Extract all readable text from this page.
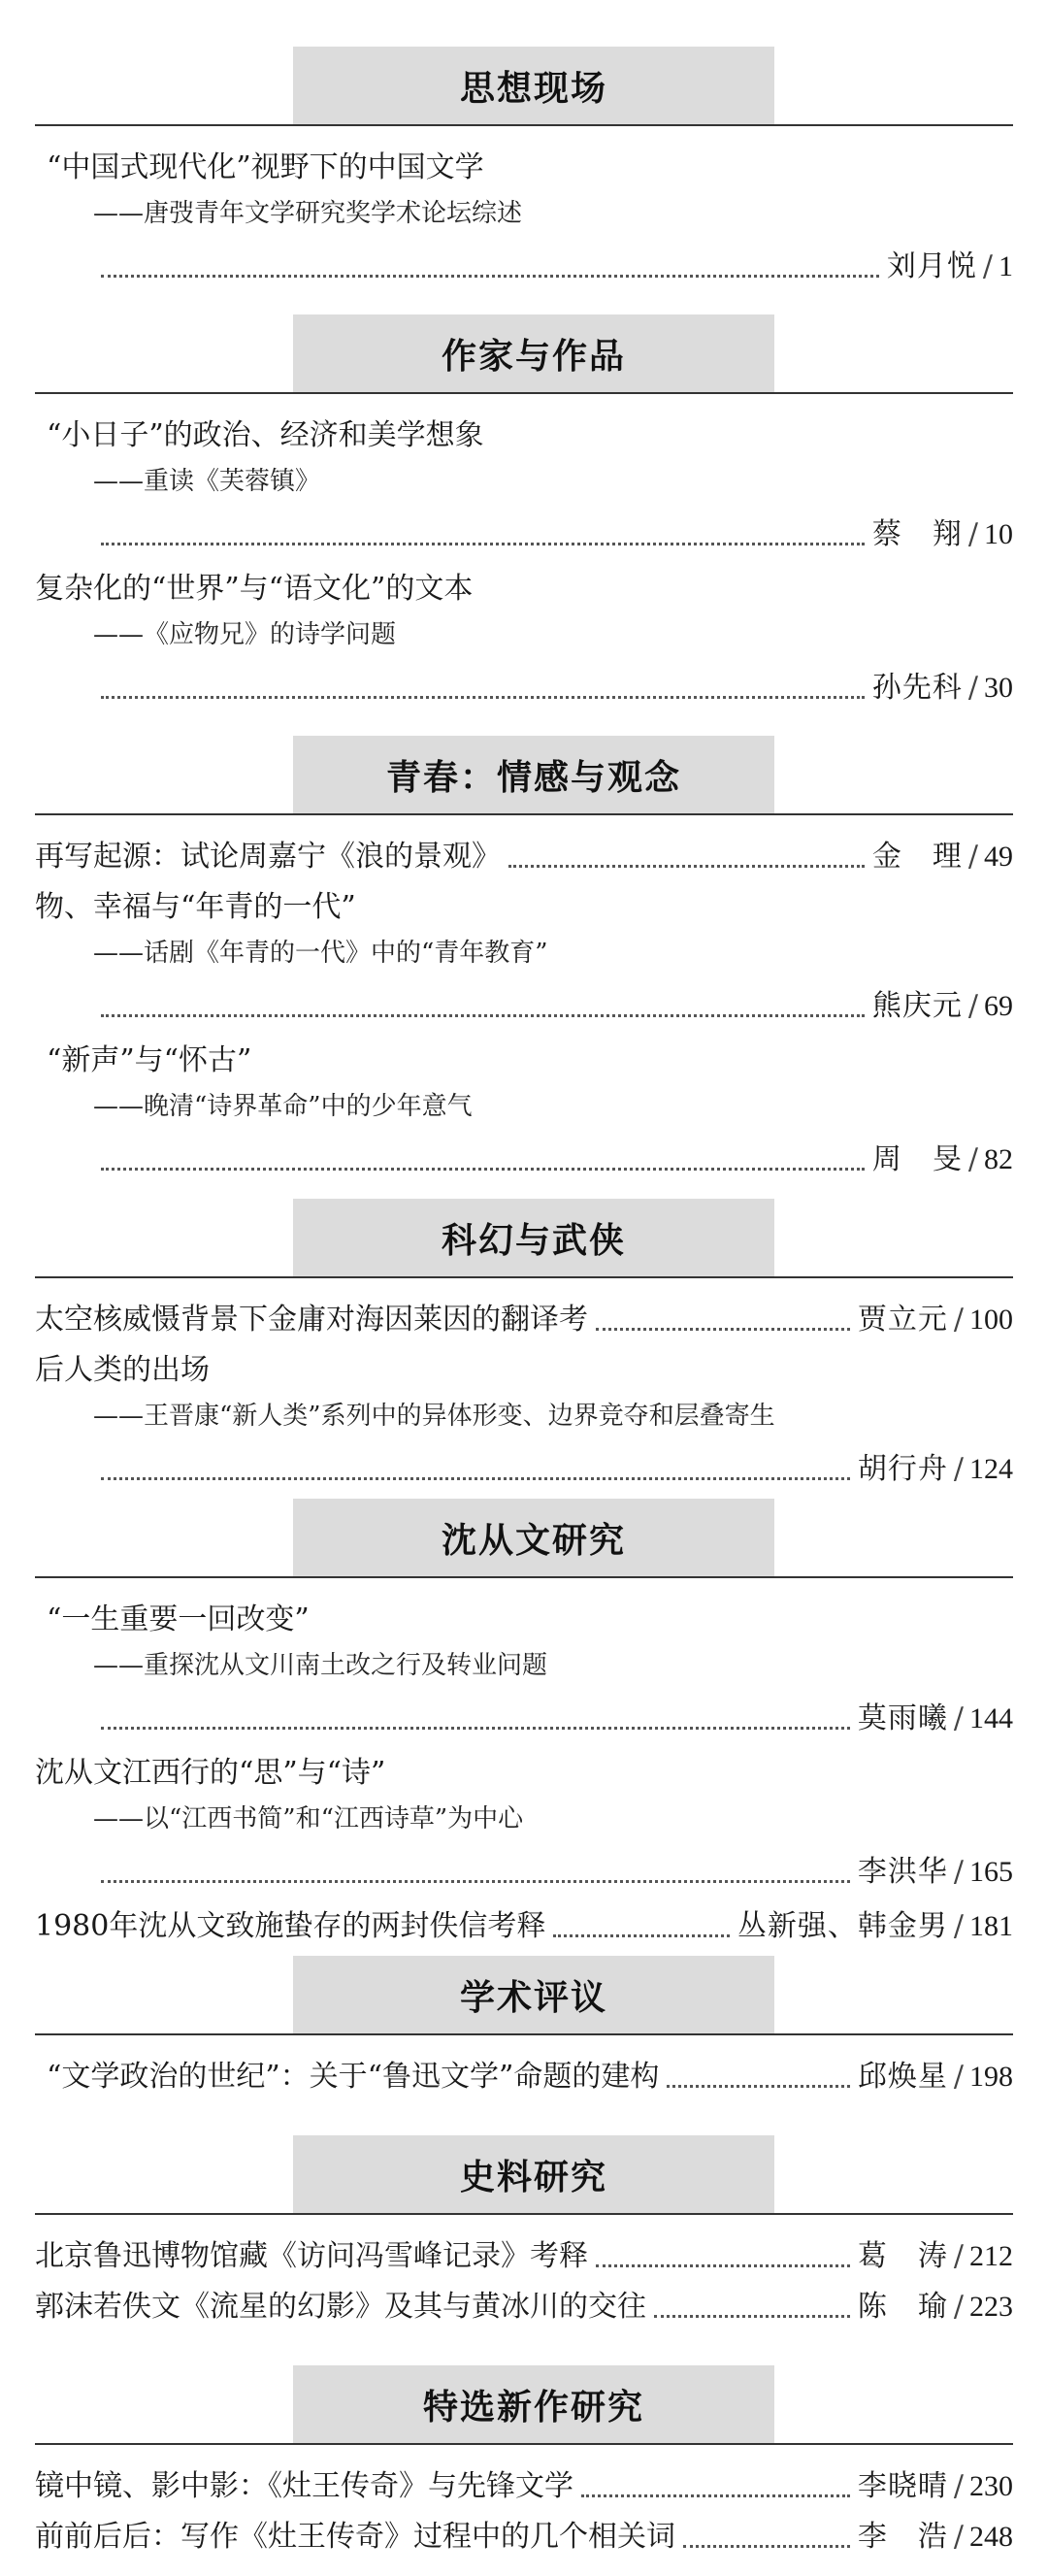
思想现场
“中国式现代化”视野下的中国文学
——唐弢青年文学研究奖学术论坛综述
刘月悦 / 1
作家与作品
“小日子”的政治、经济和美学想象
——重读《芙蓉镇》
蔡　翔 / 10
复杂化的“世界”与“语文化”的文本
——《应物兄》的诗学问题
孙先科 / 30
青春：情感与观念
再写起源：试论周嘉宁《浪的景观》	金　理 / 49
物、幸福与“年青的一代”
——话剧《年青的一代》中的“青年教育”
熊庆元 / 69
“新声”与“怀古”
——晚清“诗界革命”中的少年意气
周　旻 / 82
科幻与武侠
太空核威慑背景下金庸对海因莱因的翻译考	贾立元 / 100
后人类的出场
——王晋康“新人类”系列中的异体形变、边界竞夺和层叠寄生
胡行舟 / 124
沈从文研究
“一生重要一回改变”
——重探沈从文川南土改之行及转业问题
莫雨曦 / 144
沈从文江西行的“思”与“诗”
——以“江西书简”和“江西诗草”为中心
李洪华 / 165
1980年沈从文致施蛰存的两封佚信考释	丛新强、韩金男 / 181
学术评议
“文学政治的世纪”：关于“鲁迅文学”命题的建构	邱焕星 / 198
史料研究
北京鲁迅博物馆藏《访问冯雪峰记录》考释	葛　涛 / 212
郭沫若佚文《流星的幻影》及其与黄冰川的交往	陈　瑜 / 223
特选新作研究
镜中镜、影中影：《灶王传奇》与先锋文学	李晓晴 / 230
前前后后：写作《灶王传奇》过程中的几个相关词	李　浩 / 248
